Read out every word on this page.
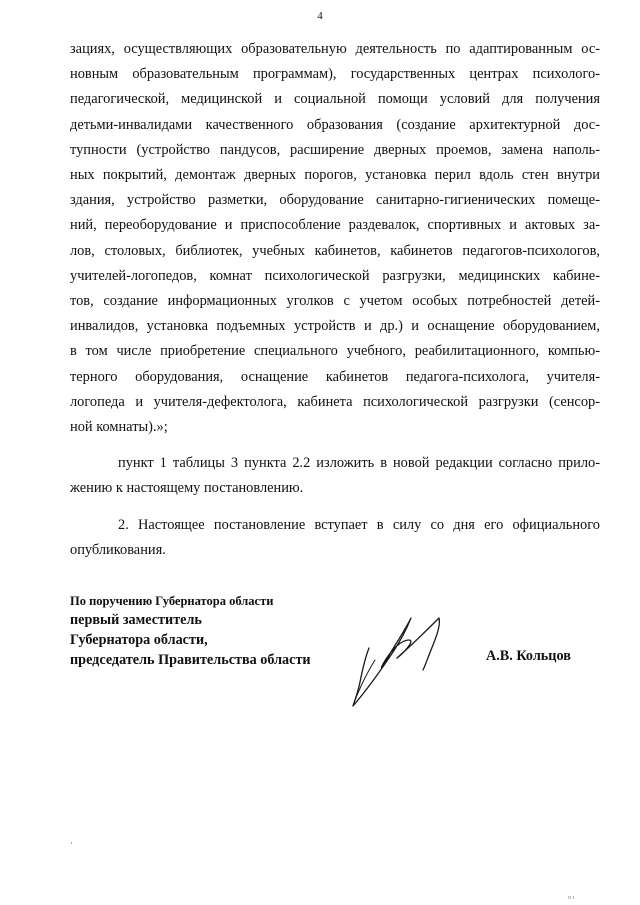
4

зациях, осуществляющих образовательную деятельность по адаптированным ос-

новным образовательным программам), государственных центрах психолого-

педагогической, медицинской и социальной помощи условий для получения

детьми-инвалидами качественного образования (создание архитектурной дос-

тупности (устройство пандусов, расширение дверных проемов, замена наполь-

ных покрытий, демонтаж дверных порогов, установка перил вдоль стен внутри

здания, устройство разметки, оборудование санитарно-гигиенических помеще-

ний, переоборудование и приспособление раздевалок, спортивных и актовых за-

лов, столовых, библиотек, учебных кабинетов, кабинетов педагогов-психологов,

учителей-логопедов, комнат психологической разгрузки, медицинских кабине-

тов, создание информационных уголков с учетом особых потребностей детей-

инвалидов, установка подъемных устройств и др.) и оснащение оборудованием,

в том числе приобретение специального учебного, реабилитационного, компью-

терного оборудования, оснащение кабинетов педагога-психолога, учителя-

логопеда и учителя-дефектолога, кабинета психологической разгрузки (сенсор-

ной комнаты).»;

пункт 1 таблицы 3 пункта 2.2 изложить в новой редакции согласно прило-

жению к настоящему постановлению.

2. Настоящее постановление вступает в силу со дня его официального

опубликования.

По поручению Губернатора области
первый заместитель
Губернатора области,
председатель Правительства области	А.В. Кольцов
п ı
